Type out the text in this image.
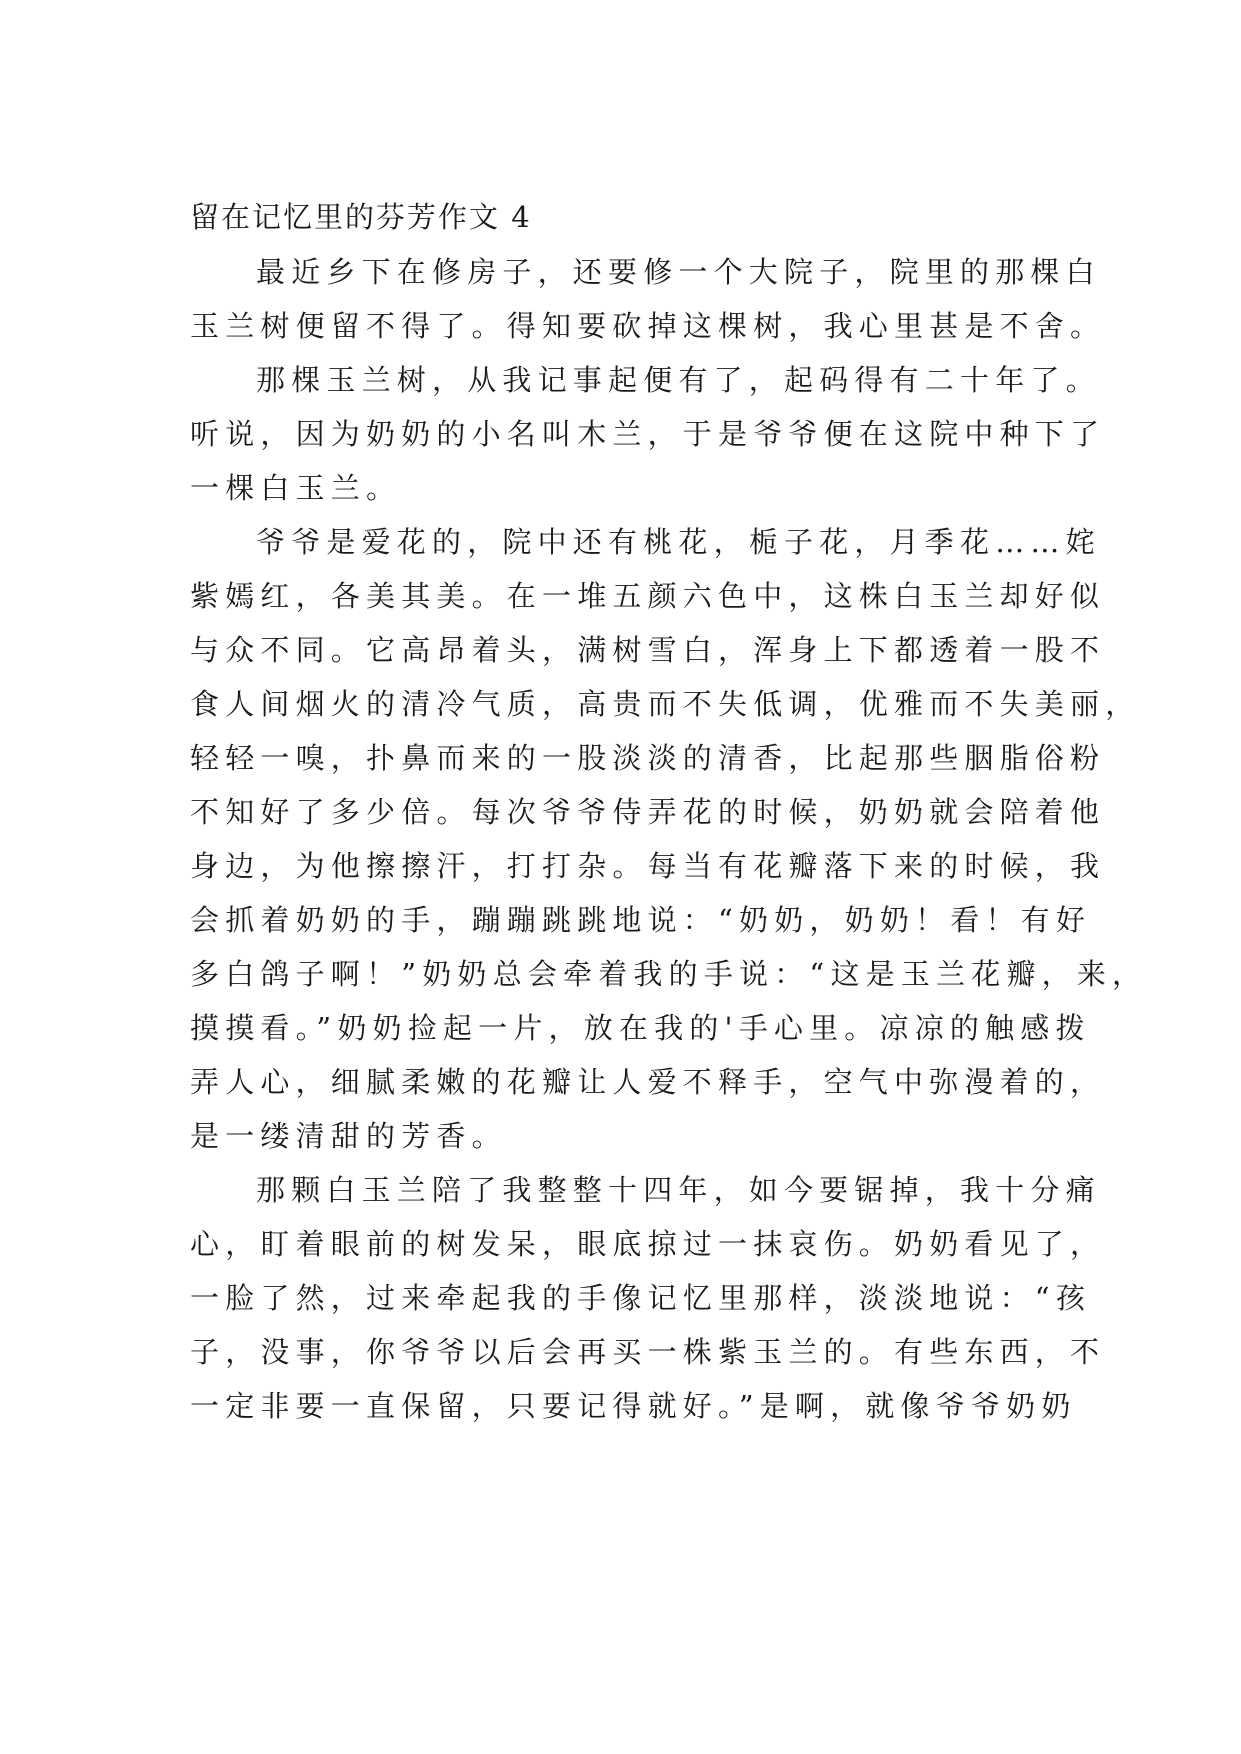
留在记忆里的芬芳作文 4

最近乡下在修房子，还要修一个大院子，院里的那棵白

玉兰树便留不得了。得知要砍掉这棵树，我心里甚是不舍。

那棵玉兰树，从我记事起便有了，起码得有二十年了。

听说，因为奶奶的小名叫木兰，于是爷爷便在这院中种下了

一棵白玉兰。

爷爷是爱花的，院中还有桃花，栀子花，月季花……姹

紫嫣红，各美其美。在一堆五颜六色中，这株白玉兰却好似

与众不同。它高昂着头，满树雪白，浑身上下都透着一股不

食人间烟火的清冷气质，高贵而不失低调，优雅而不失美丽，

轻轻一嗅，扑鼻而来的一股淡淡的清香，比起那些胭脂俗粉

不知好了多少倍。每次爷爷侍弄花的时候，奶奶就会陪着他

身边，为他擦擦汗，打打杂。每当有花瓣落下来的时候，我

会抓着奶奶的手，蹦蹦跳跳地说：“奶奶，奶奶！看！有好

多白鸽子啊！”奶奶总会牵着我的手说：“这是玉兰花瓣，来，

摸摸看。”奶奶捡起一片，放在我的'手心里。凉凉的触感拨

弄人心，细腻柔嫩的花瓣让人爱不释手，空气中弥漫着的，

是一缕清甜的芳香。

那颗白玉兰陪了我整整十四年，如今要锯掉，我十分痛

心，盯着眼前的树发呆，眼底掠过一抹哀伤。奶奶看见了，

一脸了然，过来牵起我的手像记忆里那样，淡淡地说：“孩

子，没事，你爷爷以后会再买一株紫玉兰的。有些东西，不

一定非要一直保留，只要记得就好。”是啊，就像爷爷奶奶
